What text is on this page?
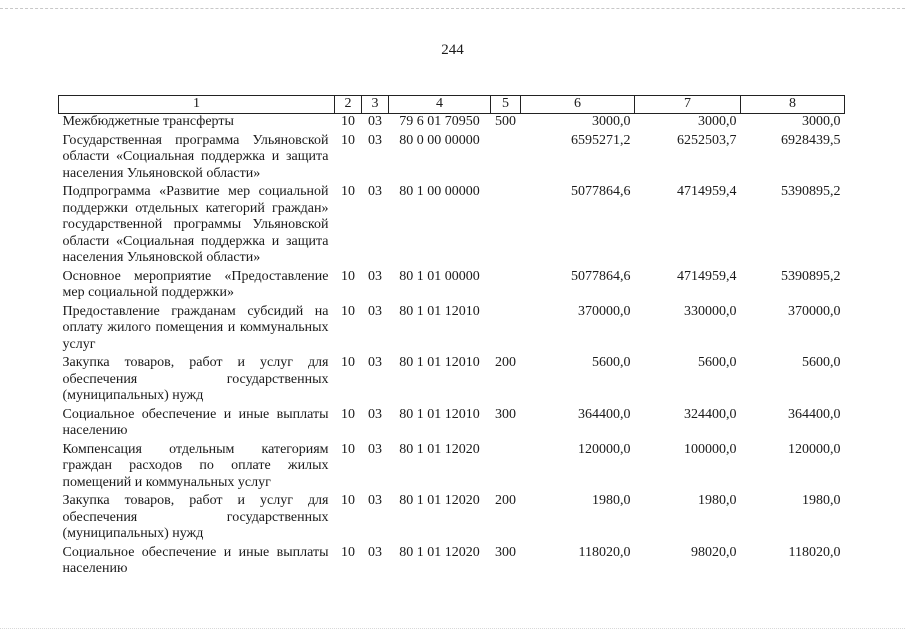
244
1	2	3	4	5	6	7	8
Межбюджетные трансферты	10	03	79 6 01 70950	500	3000,0	3000,0	3000,0
Государственная программа Ульяновской области «Социальная поддержка и защита населения Ульяновской области»	10	03	80 0 00 00000		6595271,2	6252503,7	6928439,5
Подпрограмма «Развитие мер социальной поддержки отдельных категорий граждан» государственной программы Ульяновской области «Социальная поддержка и защита населения Ульяновской области»	10	03	80 1 00 00000		5077864,6	4714959,4	5390895,2
Основное мероприятие «Предоставление мер социальной поддержки»	10	03	80 1 01 00000		5077864,6	4714959,4	5390895,2
Предоставление гражданам субсидий на оплату жилого помещения и коммунальных услуг	10	03	80 1 01 12010		370000,0	330000,0	370000,0
Закупка товаров, работ и услуг для обеспечения государственных (муниципальных) нужд	10	03	80 1 01 12010	200	5600,0	5600,0	5600,0
Социальное обеспечение и иные выплаты населению	10	03	80 1 01 12010	300	364400,0	324400,0	364400,0
Компенсация отдельным категориям граждан расходов по оплате жилых помещений и коммунальных услуг	10	03	80 1 01 12020		120000,0	100000,0	120000,0
Закупка товаров, работ и услуг для обеспечения государственных (муниципальных) нужд	10	03	80 1 01 12020	200	1980,0	1980,0	1980,0
Социальное обеспечение и иные выплаты населению	10	03	80 1 01 12020	300	118020,0	98020,0	118020,0
